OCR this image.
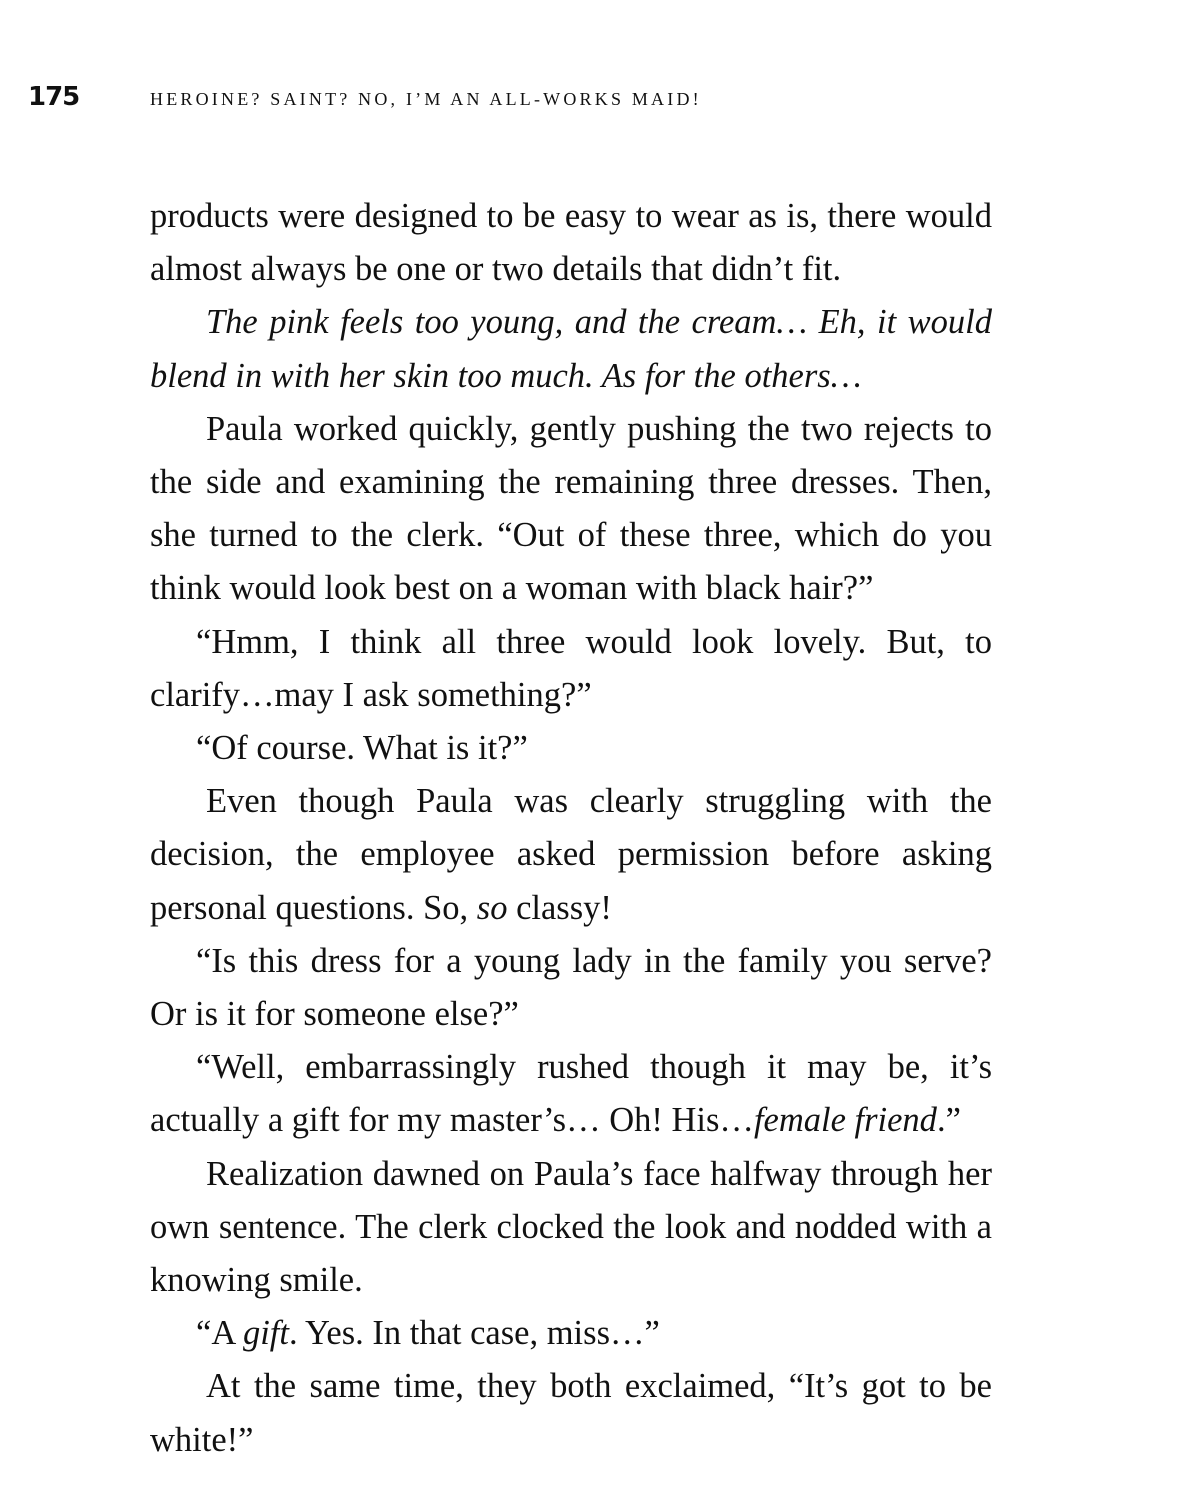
175	HEROINE? SAINT? NO, I’M AN ALL-WORKS MAID!

products were designed to be easy to wear as is, there would almost always be one or two details that didn’t fit.

The pink feels too young, and the cream… Eh, it would blend in with her skin too much. As for the others…

Paula worked quickly, gently pushing the two rejects to the side and examining the remaining three dresses. Then, she turned to the clerk. “Out of these three, which do you think would look best on a woman with black hair?”

“Hmm, I think all three would look lovely. But, to clarify…may I ask something?”

“Of course. What is it?”

Even though Paula was clearly struggling with the decision, the employee asked permission before asking personal questions. So, so classy!

“Is this dress for a young lady in the family you serve? Or is it for someone else?”

“Well, embarrassingly rushed though it may be, it’s actually a gift for my master’s… Oh! His…female friend.”

Realization dawned on Paula’s face halfway through her own sentence. The clerk clocked the look and nodded with a knowing smile.

“A gift. Yes. In that case, miss…”

At the same time, they both exclaimed, “It’s got to be white!”
